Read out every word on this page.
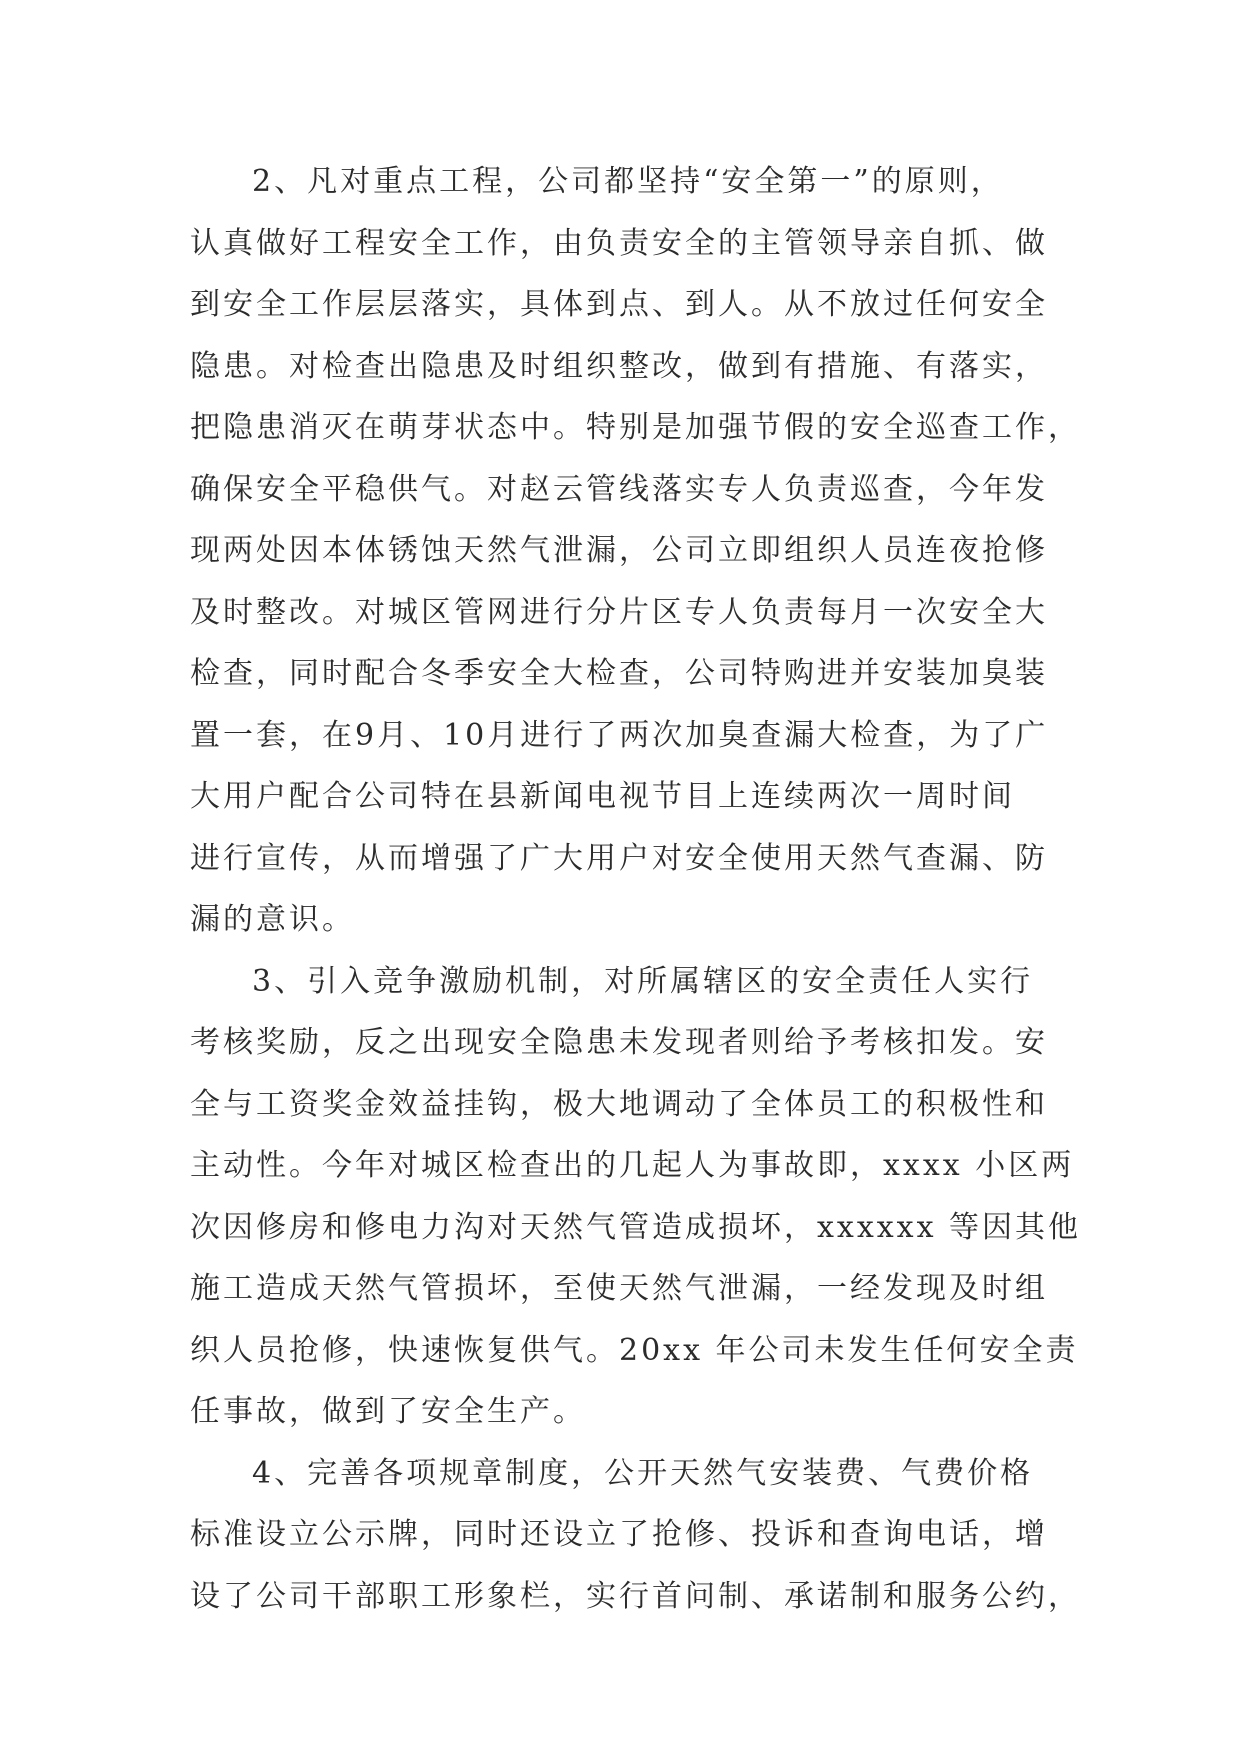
2、凡对重点工程，公司都坚持“安全第一”的原则，
认真做好工程安全工作，由负责安全的主管领导亲自抓、做
到安全工作层层落实，具体到点、到人。从不放过任何安全
隐患。对检查出隐患及时组织整改，做到有措施、有落实，
把隐患消灭在萌芽状态中。特别是加强节假的安全巡查工作，
确保安全平稳供气。对赵云管线落实专人负责巡查，今年发
现两处因本体锈蚀天然气泄漏，公司立即组织人员连夜抢修
及时整改。对城区管网进行分片区专人负责每月一次安全大
检查，同时配合冬季安全大检查，公司特购进并安装加臭装
置一套，在9月、10月进行了两次加臭查漏大检查，为了广
大用户配合公司特在县新闻电视节目上连续两次一周时间
进行宣传，从而增强了广大用户对安全使用天然气查漏、防
漏的意识。
3、引入竞争激励机制，对所属辖区的安全责任人实行
考核奖励，反之出现安全隐患未发现者则给予考核扣发。安
全与工资奖金效益挂钩，极大地调动了全体员工的积极性和
主动性。今年对城区检查出的几起人为事故即，xxxx 小区两
次因修房和修电力沟对天然气管造成损坏，xxxxxx 等因其他
施工造成天然气管损坏，至使天然气泄漏，一经发现及时组
织人员抢修，快速恢复供气。20xx 年公司未发生任何安全责
任事故，做到了安全生产。
4、完善各项规章制度，公开天然气安装费、气费价格
标准设立公示牌，同时还设立了抢修、投诉和查询电话，增
设了公司干部职工形象栏，实行首问制、承诺制和服务公约，
